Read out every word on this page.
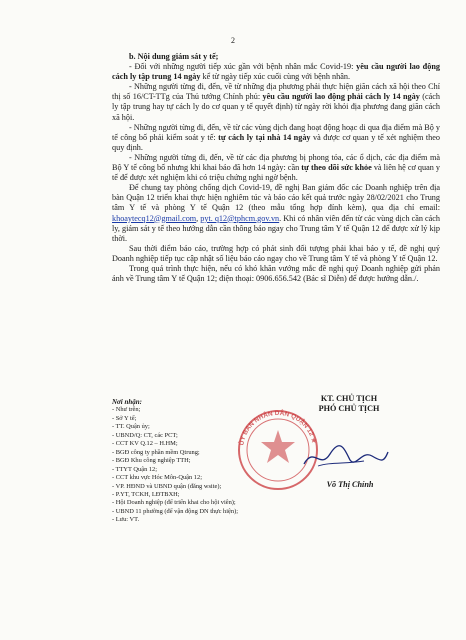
2

b. Nội dung giám sát y tế;

- Đối với những người tiếp xúc gần với bệnh nhân mắc Covid-19: yêu cầu người lao động cách ly tập trung 14 ngày kể từ ngày tiếp xúc cuối cùng với bệnh nhân.

- Những người từng đi, đến, về từ những địa phương phải thực hiện giãn cách xã hội theo Chỉ thị số 16/CT-TTg của Thủ tướng Chính phủ: yêu cầu người lao động phải cách ly 14 ngày (cách ly tập trung hay tự cách ly do cơ quan y tế quyết định) từ ngày rời khỏi địa phương đang giãn cách xã hội.

- Những người từng đi, đến, về từ các vùng dịch đang hoạt động hoạc di qua địa điểm mà Bộ y tế công bố phải kiểm soát y tế: tự cách ly tại nhà 14 ngày và được cơ quan y tế xét nghiệm theo quy định.

- Những người từng đi, đến, về từ các địa phương bị phong tỏa, các ổ dịch, các địa điểm mà Bộ Y tế công bố nhưng khi khai báo đã hơn 14 ngày: cần tự theo dõi sức khỏe và liên hệ cơ quan y tế để được xét nghiệm khi có triệu chứng nghi ngờ bệnh.

Để chung tay phòng chống dịch Covid-19, đề nghị Ban giám đốc các Doanh nghiệp trên địa bàn Quận 12 triển khai thực hiện nghiêm túc và báo cáo kết quả trước ngày 28/02/2021 cho Trung tâm Y tế và phòng Y tế Quận 12 (theo mẫu tổng hợp đính kèm), qua địa chỉ email: khoaytecq12@gmail.com, pyt. q12@tphcm.gov.vn. Khi có nhân viên đến từ các vùng dịch cần cách ly, giám sát y tế theo hướng dẫn cần thông báo ngay cho Trung tâm Y tế Quận 12 để được xử lý kịp thời.

Sau thời điểm báo cáo, trường hợp có phát sinh đối tượng phải khai báo y tế, đề nghị quý Doanh nghiệp tiếp tục cập nhật số liệu báo cáo ngay cho về Trung tâm Y tế và phòng Y tế Quận 12.

Trong quá trình thực hiện, nếu có khó khăn vướng mắc đề nghị quý Doanh nghiệp gửi phản ánh về Trung tâm Y tế Quận 12; điện thoại: 0906.656.542 (Bác sĩ Diễn) để được hướng dẫn./.

KT. CHỦ TỊCH
PHÓ CHỦ TỊCH
ỦY BAN NHÂN DÂN QUẬN 12 ★
Võ Thị Chính
Nơi nhận:
- Như trên;
- Sở Y tế;
- TT. Quận ủy;
- UBND/Q: CT, các PCT;
- CCT KV Q.12 – H.HM;
- BGĐ công ty phần mềm Qtrung;
- BGĐ Khu công nghiệp TTH;
- TTYT Quận 12;
- CCT khu vực Hóc Môn-Quận 12;
- VP. HĐND và UBND quận (đăng wsite);
- P.YT, TCKH, LĐTBXH;
- Hội Doanh nghiệp (để triển khai cho hội viên);
- UBND 11 phường (để vận động DN thực hiện);
- Lưu: VT.
